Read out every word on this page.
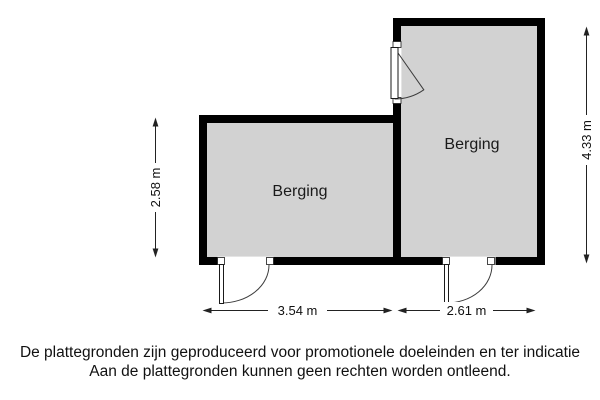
2.58 m
4.33 m
3.54 m	2.61 m
Berging
Berging
De plattegronden zijn geproduceerd voor promotionele doeleinden en ter indicatie
Aan de plattegronden kunnen geen rechten worden ontleend.
